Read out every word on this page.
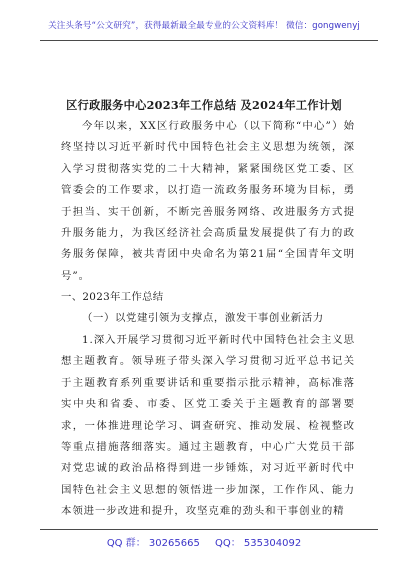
关注头条号“公文研究”，获得最新最全最专业的公文资料库！ 微信：gongwenyj
区行政服务中心2023年工作总结 及2024年工作计划

今年以来，XX区行政服务中心（以下简称“中心”）始终坚持以习近平新时代中国特色社会主义思想为统领，深入学习贯彻落实党的二十大精神，紧紧围绕区党工委、区管委会的工作要求，以打造一流政务服务环境为目标，勇于担当、实干创新，不断完善服务网络、改进服务方式提升服务能力，为我区经济社会高质量发展提供了有力的政务服务保障，被共青团中央命名为第21届“全国青年文明号”。

一、2023年工作总结

（一）以党建引领为支撑点，激发干事创业新活力

1.深入开展学习贯彻习近平新时代中国特色社会主义思想主题教育。领导班子带头深入学习贯彻习近平总书记关于主题教育系列重要讲话和重要指示批示精神，高标准落实中央和省委、市委、区党工委关于主题教育的部署要求，一体推进理论学习、调查研究、推动发展、检视整改等重点措施落细落实。通过主题教育，中心广大党员干部对党忠诚的政治品格得到进一步锤炼，对习近平新时代中国特色社会主义思想的领悟进一步加深，工作作风、能力本领进一步改进和提升，攻坚克难的劲头和干事创业的精

QQ 群： 30265665 QQ： 535304092
